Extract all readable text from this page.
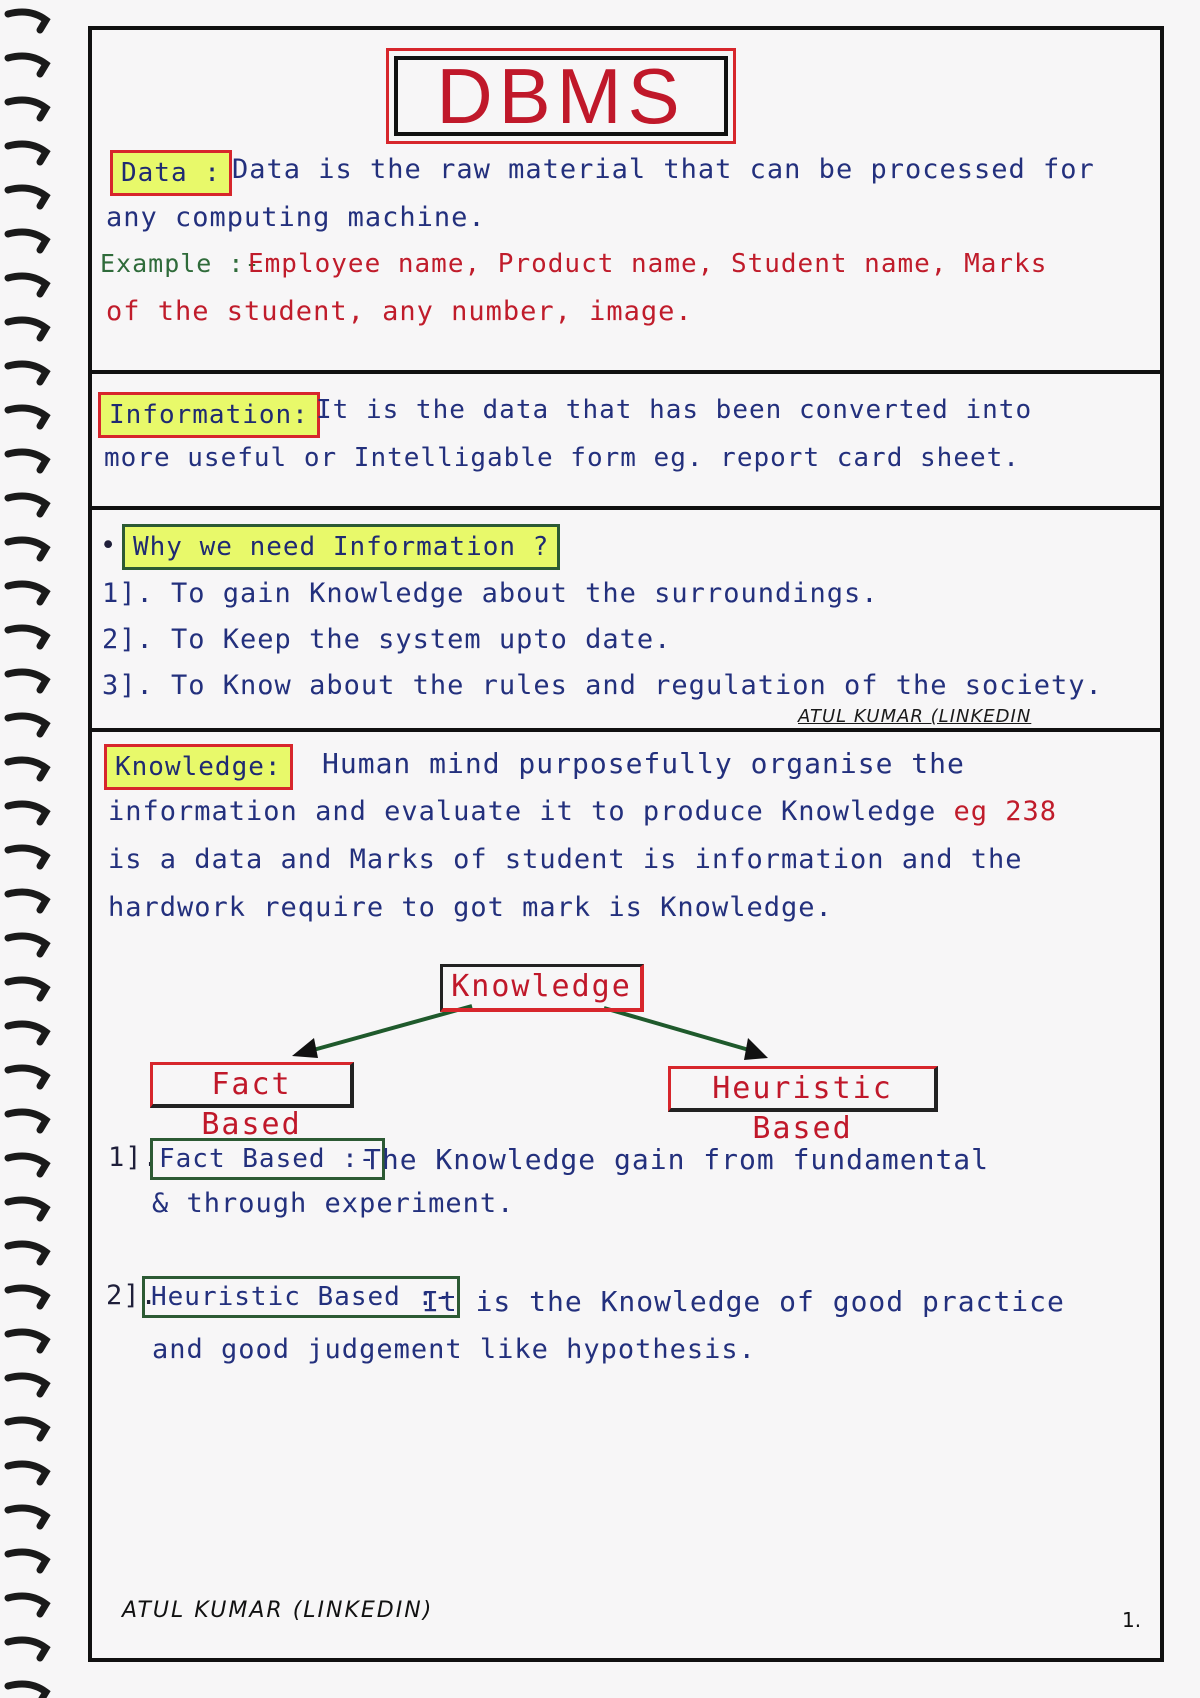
DBMS
Data : Data is the raw material that can be processed for
any computing machine.
Example :-
Employee name, Product name, Student name, Marks
of the student, any number, image.
Information: It is the data that has been converted into
more useful or Intelligable form eg. report card sheet.
• Why we need Information ?
1]. To gain Knowledge about the surroundings.
2]. To Keep the system upto date.
3]. To Know about the rules and regulation of the society.
ATUL KUMAR (LINKEDIN
Knowledge:	Human mind purposefully organise the
information and evaluate it to produce Knowledge eg 238
is a data and Marks of student is information and the
hardwork require to got mark is Knowledge.
Knowledge
Fact Based
Heuristic Based
1]. Fact Based :-
The Knowledge gain from fundamental
& through experiment.
2].
Heuristic Based :-
It is the Knowledge of good practice
and good judgement like hypothesis.
ATUL KUMAR (LINKEDIN)	1.
